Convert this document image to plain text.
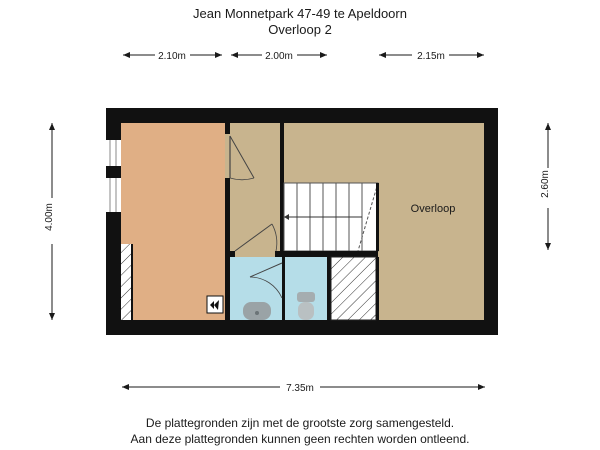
Jean Monnetpark 47-49 te Apeldoorn
Overloop 2
2.10m	2.00m	2.15m
4.00m
2.60m
7.35m
Overloop
De plattegronden zijn met de grootste zorg samengesteld.
Aan deze plattegronden kunnen geen rechten worden ontleend.
